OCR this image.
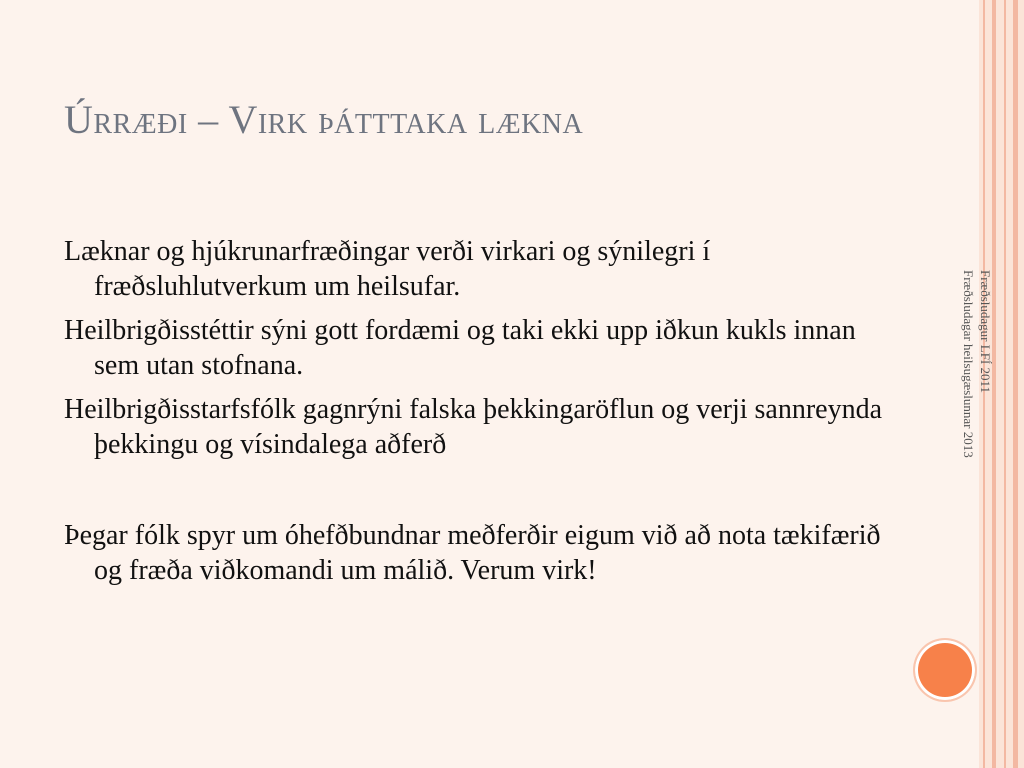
Úrræði – Virk þátttaka lækna

Læknar og hjúkrunarfræðingar verði virkari og sýnilegri í fræðsluhlutverkum um heilsufar.

Heilbrigðisstéttir sýni gott fordæmi og taki ekki upp iðkun kukls innan sem utan stofnana.

Heilbrigðisstarfsfólk gagnrýni falska þekkingaröflun og verji sannreynda þekkingu og vísindalega aðferð

Þegar fólk spyr um óhefðbundnar meðferðir eigum við að nota tækifærið og fræða viðkomandi um málið. Verum virk!

Fræðsludagur LFÍ 2011
Fræðsludagar heilsugæslunnar 2013
